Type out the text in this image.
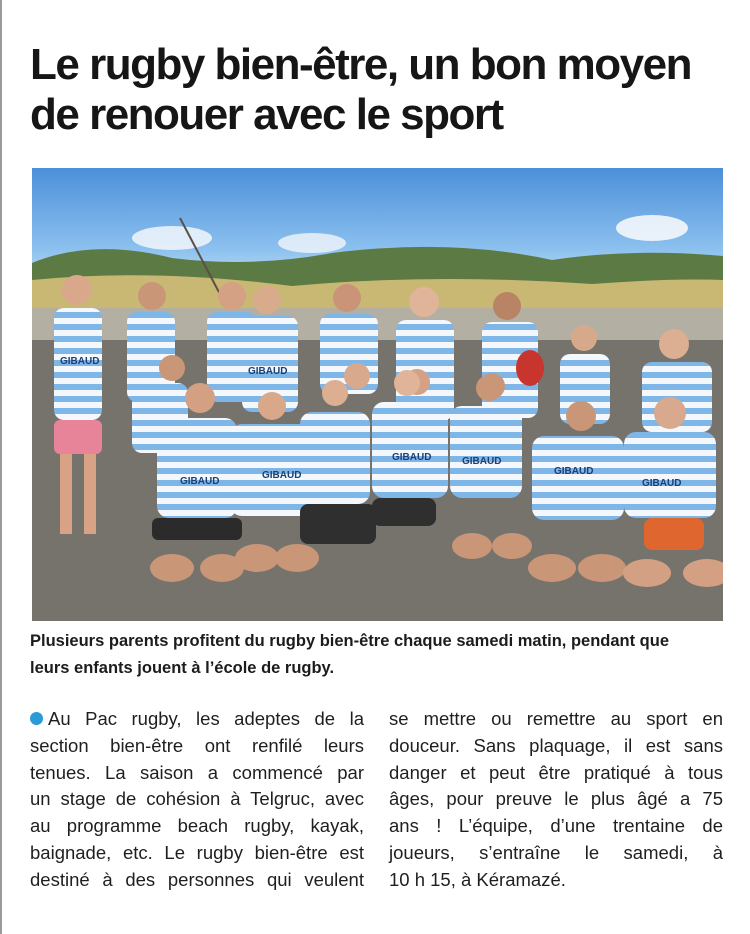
Le rugby bien-être, un bon moyen
de renouer avec le sport
GIBAUD
GIBAUD
GIBAUD
GIBAUD
GIBAUD	GIBAUD
GIBAUD
GIBAUD

Plusieurs parents profitent du rugby bien-être chaque samedi matin, pendant que
leurs enfants jouent à l’école de rugby.

Au Pac rugby, les adeptes de la
section bien-être ont renfilé leurs
tenues. La saison a commencé par
un stage de cohésion à Telgruc, avec
au programme beach rugby, kayak,
baignade, etc. Le rugby bien-être est
destiné à des personnes qui veulent
se mettre ou remettre au sport en
douceur. Sans plaquage, il est sans
danger et peut être pratiqué à tous
âges, pour preuve le plus âgé a 75
ans ! L’équipe, d’une trentaine de
joueurs, s’entraîne le samedi, à
10 h 15, à Kéramazé.
